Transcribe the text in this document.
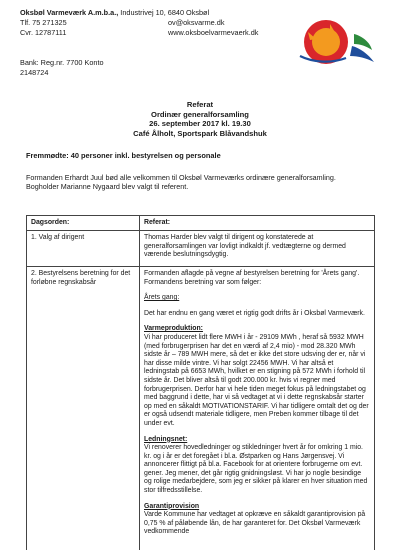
Oksbøl Varmeværk A.m.b.a., Industrivej 10, 6840 Oksbøl
Tlf. 75 271325
Cvr. 12787111
ov@oksvarme.dk
www.oksboelvarmevaerk.dk
Bank: Reg.nr. 7700 Konto
2148724
Referat
Ordinær generalforsamling
26. september 2017 kl. 19.30
Café Ålholt, Sportspark Blåvandshuk
Fremmødte: 40 personer inkl. bestyrelsen og personale

Formanden Erhardt Juul bød alle velkommen til Oksbøl Varmeværks ordinære generalforsamling.

Bogholder Marianne Nygaard blev valgt til referent.

Dagsorden:	Referat:
1. Valg af dirigent	Thomas Harder blev valgt til dirigent og konstaterede at generalforsamlingen var lovligt indkaldt jf. vedtægterne og dermed værende beslutningsdygtig.
2. Bestyrelsens beretning for det forløbne regnskabsår

Formanden aflagde på vegne af bestyrelsen beretning for 'Årets gang'. Formandens beretning var som følger:

Årets gang:

Det har endnu en gang været et rigtig godt drifts år i Oksbøl Varmeværk.

Varmeproduktion:

Vi har produceret lidt flere MWH i år - 29109 MWh , heraf så 5932 MWH (med forbrugerprisen har det en værdi af 2,4 mio) - mod 28.320 MWh sidste år – 789 MWH mere, så det er ikke det store udsving der er, når vi har disse milde vintre. Vi har solgt 22456 MWH. Vi har altså et ledningstab på 6653 MWh, hvilket er en stigning på 572 MWh i forhold til sidste år. Det bliver altså til godt 200.000 kr. hvis vi regner med forbrugerprisen. Derfor har vi hele tiden meget fokus på ledningstabet og med baggrund i dette, har vi så vedtaget at vi i dette regnskabsår starter op med en såkaldt MOTIVATIONSTARIF. Vi har tidligere omtalt det og der er også udsendt materiale tidligere, men Preben kommer tilbage til det under evt.

Ledningsnet:

Vi renoverer hovedledninger og stikledninger hvert år for omkring 1 mio. kr. og i år er det foregået i bl.a. Østparken og Hans Jørgensvej. Vi annoncerer flittigt på bl.a. Facebook for at orientere forbrugerne om evt. gener. Jeg mener, det går rigtig gnidningsløst. Vi har jo nogle besindige og rolige medarbejdere, som jeg er sikker på klarer en hver situation med stor tilfredsstillelse.

Garantiprovision

Varde Kommune har vedtaget at opkræve en såkaldt garantiprovision på 0,75 % af påløbende lån, de har garanteret for. Det Oksbøl Varmeværk vedkommende
